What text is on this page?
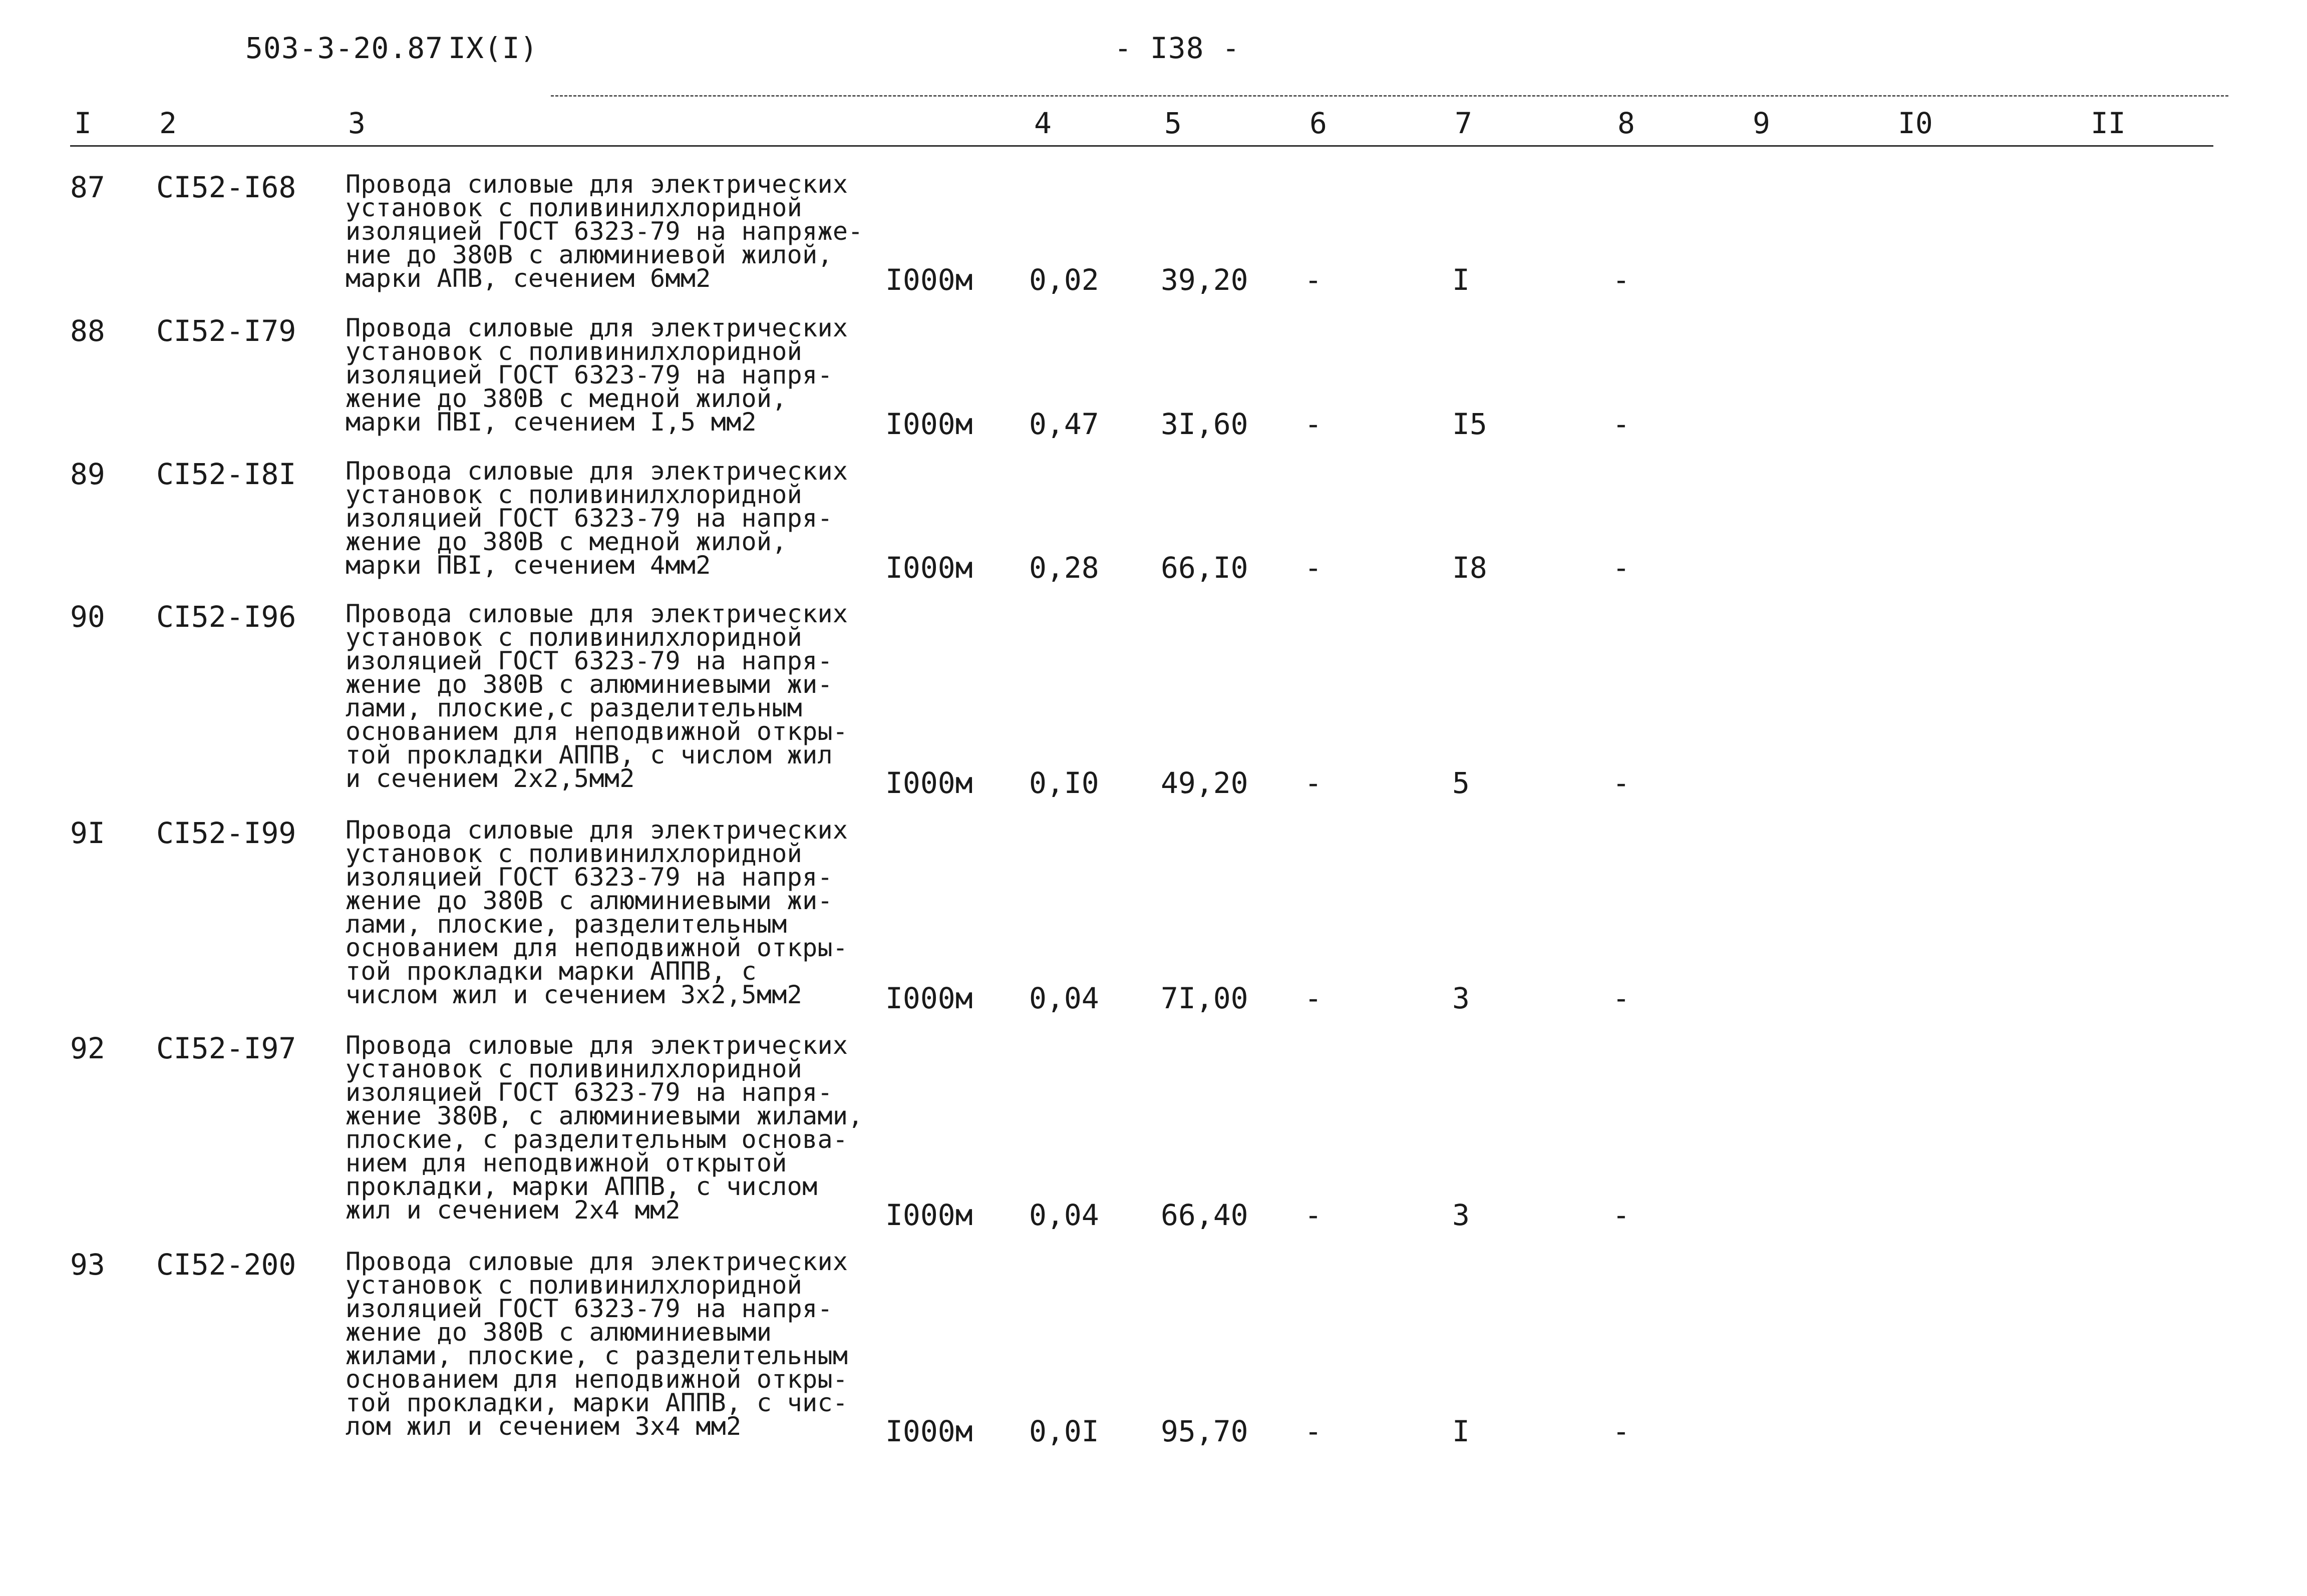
503-3-20.87 IX(I)	- I38 -
I 2	3	4	5	6	7	8	9	I0	II
87 CI52-I68 Провода силовые для электрических
установок с поливинилхлоридной
изоляцией ГОСТ 6323-79 на напряже-
ние до 380В с алюминиевой жилой,
марки АПВ, сечением 6мм2	I000м 0,02 39,20 -	I	-
88 CI52-I79 Провода силовые для электрических
установок с поливинилхлоридной
изоляцией ГОСТ 6323-79 на напря-
жение до 380В с медной жилой,
марки ПВI, сечением I,5 мм2	I000м 0,47 3I,60 -	I5	-
89 CI52-I8I Провода силовые для электрических
установок с поливинилхлоридной
изоляцией ГОСТ 6323-79 на напря-
жение до 380В с медной жилой,
марки ПВI, сечением 4мм2	I000м 0,28 66,I0 -	I8	-
90 CI52-I96 Провода силовые для электрических
установок с поливинилхлоридной
изоляцией ГОСТ 6323-79 на напря-
жение до 380В с алюминиевыми жи-
лами, плоские,с разделительным
основанием для неподвижной откры-
той прокладки АППВ, с числом жил
и сечением 2х2,5мм2	I000м 0,I0 49,20 -	5	-
9I CI52-I99 Провода силовые для электрических
установок с поливинилхлоридной
изоляцией ГОСТ 6323-79 на напря-
жение до 380В с алюминиевыми жи-
лами, плоские, разделительным
основанием для неподвижной откры-
той прокладки марки АППВ, с
числом жил и сечением 3х2,5мм2	I000м 0,04 7I,00 -	3	-
92 CI52-I97 Провода силовые для электрических
установок с поливинилхлоридной
изоляцией ГОСТ 6323-79 на напря-
жение 380В, с алюминиевыми жилами,
плоские, с разделительным основа-
нием для неподвижной открытой
прокладки, марки АППВ, с числом
жил и сечением 2х4 мм2	I000м 0,04 66,40 -	3	-
93 CI52-200 Провода силовые для электрических
установок с поливинилхлоридной
изоляцией ГОСТ 6323-79 на напря-
жение до 380В с алюминиевыми
жилами, плоские, с разделительным
основанием для неподвижной откры-
той прокладки, марки АППВ, с чис-
лом жил и сечением 3х4 мм2	I000м 0,0I 95,70 -	I	-
